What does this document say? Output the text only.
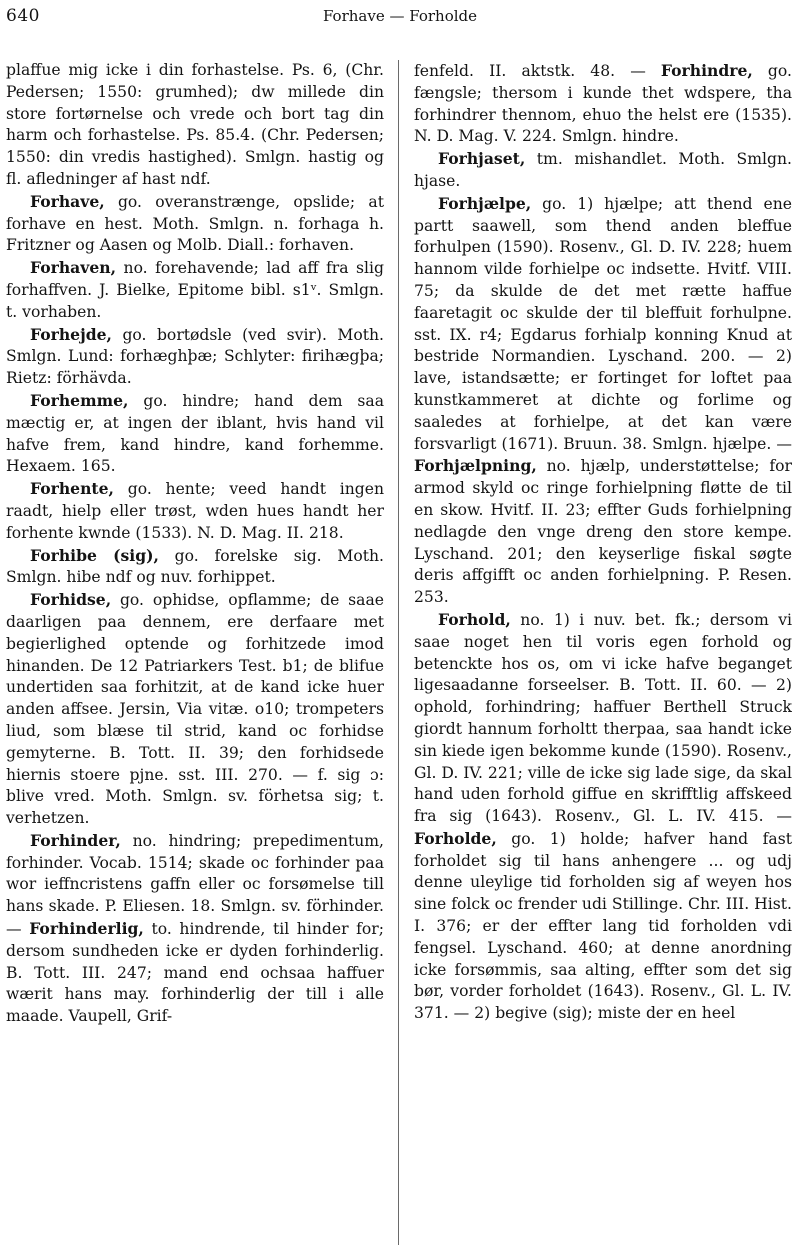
640	Forhave — Forholde

plaffue mig icke i din forhastelse. Ps. 6, (Chr. Pedersen; 1550: grumhed); dw millede din store fortørnelse och vrede och bort tag din harm och forhastelse. Ps. 85.4. (Chr. Pedersen; 1550: din vredis hastighed). Smlgn. hastig og fl. afledninger af hast ndf.

Forhave, go. overanstrænge, opslide; at forhave en hest. Moth. Smlgn. n. forhaga h. Fritzner og Aasen og Molb. Diall.: forhaven.

Forhaven, no. forehavende; lad aff fra slig forhaffven. J. Bielke, Epitome bibl. s1ᵛ. Smlgn. t. vorhaben.

Forhejde, go. bortødsle (ved svir). Moth. Smlgn. Lund: forhæghþæ; Schlyter: firihægþa; Rietz: förhävda.

Forhemme, go. hindre; hand dem saa mæctig er, at ingen der iblant, hvis hand vil hafve frem, kand hindre, kand forhemme. Hexaem. 165.

Forhente, go. hente; veed handt ingen raadt, hielp eller trøst, wden hues handt her forhente kwnde (1533). N. D. Mag. II. 218.

Forhibe (sig), go. forelske sig. Moth. Smlgn. hibe ndf og nuv. forhippet.

Forhidse, go. ophidse, opflamme; de saae daarligen paa dennem, ere derfaare met begierlighed optende og forhitzede imod hinanden. De 12 Patriarkers Test. b1; de blifue undertiden saa forhitzit, at de kand icke huer anden affsee. Jersin, Via vitæ. o10; trompeters liud, som blæse til strid, kand oc forhidse gemyterne. B. Tott. II. 39; den forhidsede hiernis stoere pjne. sst. III. 270. — f. sig ɔ: blive vred. Moth. Smlgn. sv. förhetsa sig; t. verhetzen.

Forhinder, no. hindring; prepedimentum, forhinder. Vocab. 1514; skade oc forhinder paa wor ieffncristens gaffn eller oc forsømelse till hans skade. P. Eliesen. 18. Smlgn. sv. förhinder. — Forhinderlig, to. hindrende, til hinder for; dersom sundheden icke er dyden forhinderlig. B. Tott. III. 247; mand end ochsaa haffuer wærit hans may. forhinderlig der till i alle maade. Vaupell, Grif-

fenfeld. II. aktstk. 48. — Forhindre, go. fængsle; thersom i kunde thet wdspere, tha forhindrer thennom, ehuo the helst ere (1535). N. D. Mag. V. 224. Smlgn. hindre.

Forhjaset, tm. mishandlet. Moth. Smlgn. hjase.

Forhjælpe, go. 1) hjælpe; att thend ene partt saawell, som thend anden bleffue forhulpen (1590). Rosenv., Gl. D. IV. 228; huem hannom vilde forhielpe oc indsette. Hvitf. VIII. 75; da skulde de det met rætte haffue faaretagit oc skulde der til bleffuit forhulpne. sst. IX. r4; Egdarus forhialp konning Knud at bestride Normandien. Lyschand. 200. — 2) lave, istandsætte; er fortinget for loftet paa kunstkammeret at dichte og forlime og saaledes at forhielpe, at det kan være forsvarligt (1671). Bruun. 38. Smlgn. hjælpe. — Forhjælpning, no. hjælp, understøttelse; for armod skyld oc ringe forhielpning fløtte de til en skow. Hvitf. II. 23; effter Guds forhielpning nedlagde den vnge dreng den store kempe. Lyschand. 201; den keyserlige fiskal søgte deris affgifft oc anden forhielpning. P. Resen. 253.

Forhold, no. 1) i nuv. bet. fk.; dersom vi saae noget hen til voris egen forhold og betenckte hos os, om vi icke hafve beganget ligesaadanne forseelser. B. Tott. II. 60. — 2) ophold, forhindring; haffuer Berthell Struck giordt hannum forholtt therpaa, saa handt icke sin kiede igen bekomme kunde (1590). Rosenv., Gl. D. IV. 221; ville de icke sig lade sige, da skal hand uden forhold giffue en skrifftlig affskeed fra sig (1643). Rosenv., Gl. L. IV. 415. — Forholde, go. 1) holde; hafver hand fast forholdet sig til hans anhengere ... og udj denne uleylige tid forholden sig af weyen hos sine folck oc frender udi Stillinge. Chr. III. Hist. I. 376; er der effter lang tid forholden vdi fengsel. Lyschand. 460; at denne anordning icke forsømmis, saa alting, effter som det sig bør, vorder forholdet (1643). Rosenv., Gl. L. IV. 371. — 2) begive (sig); miste der en heel
